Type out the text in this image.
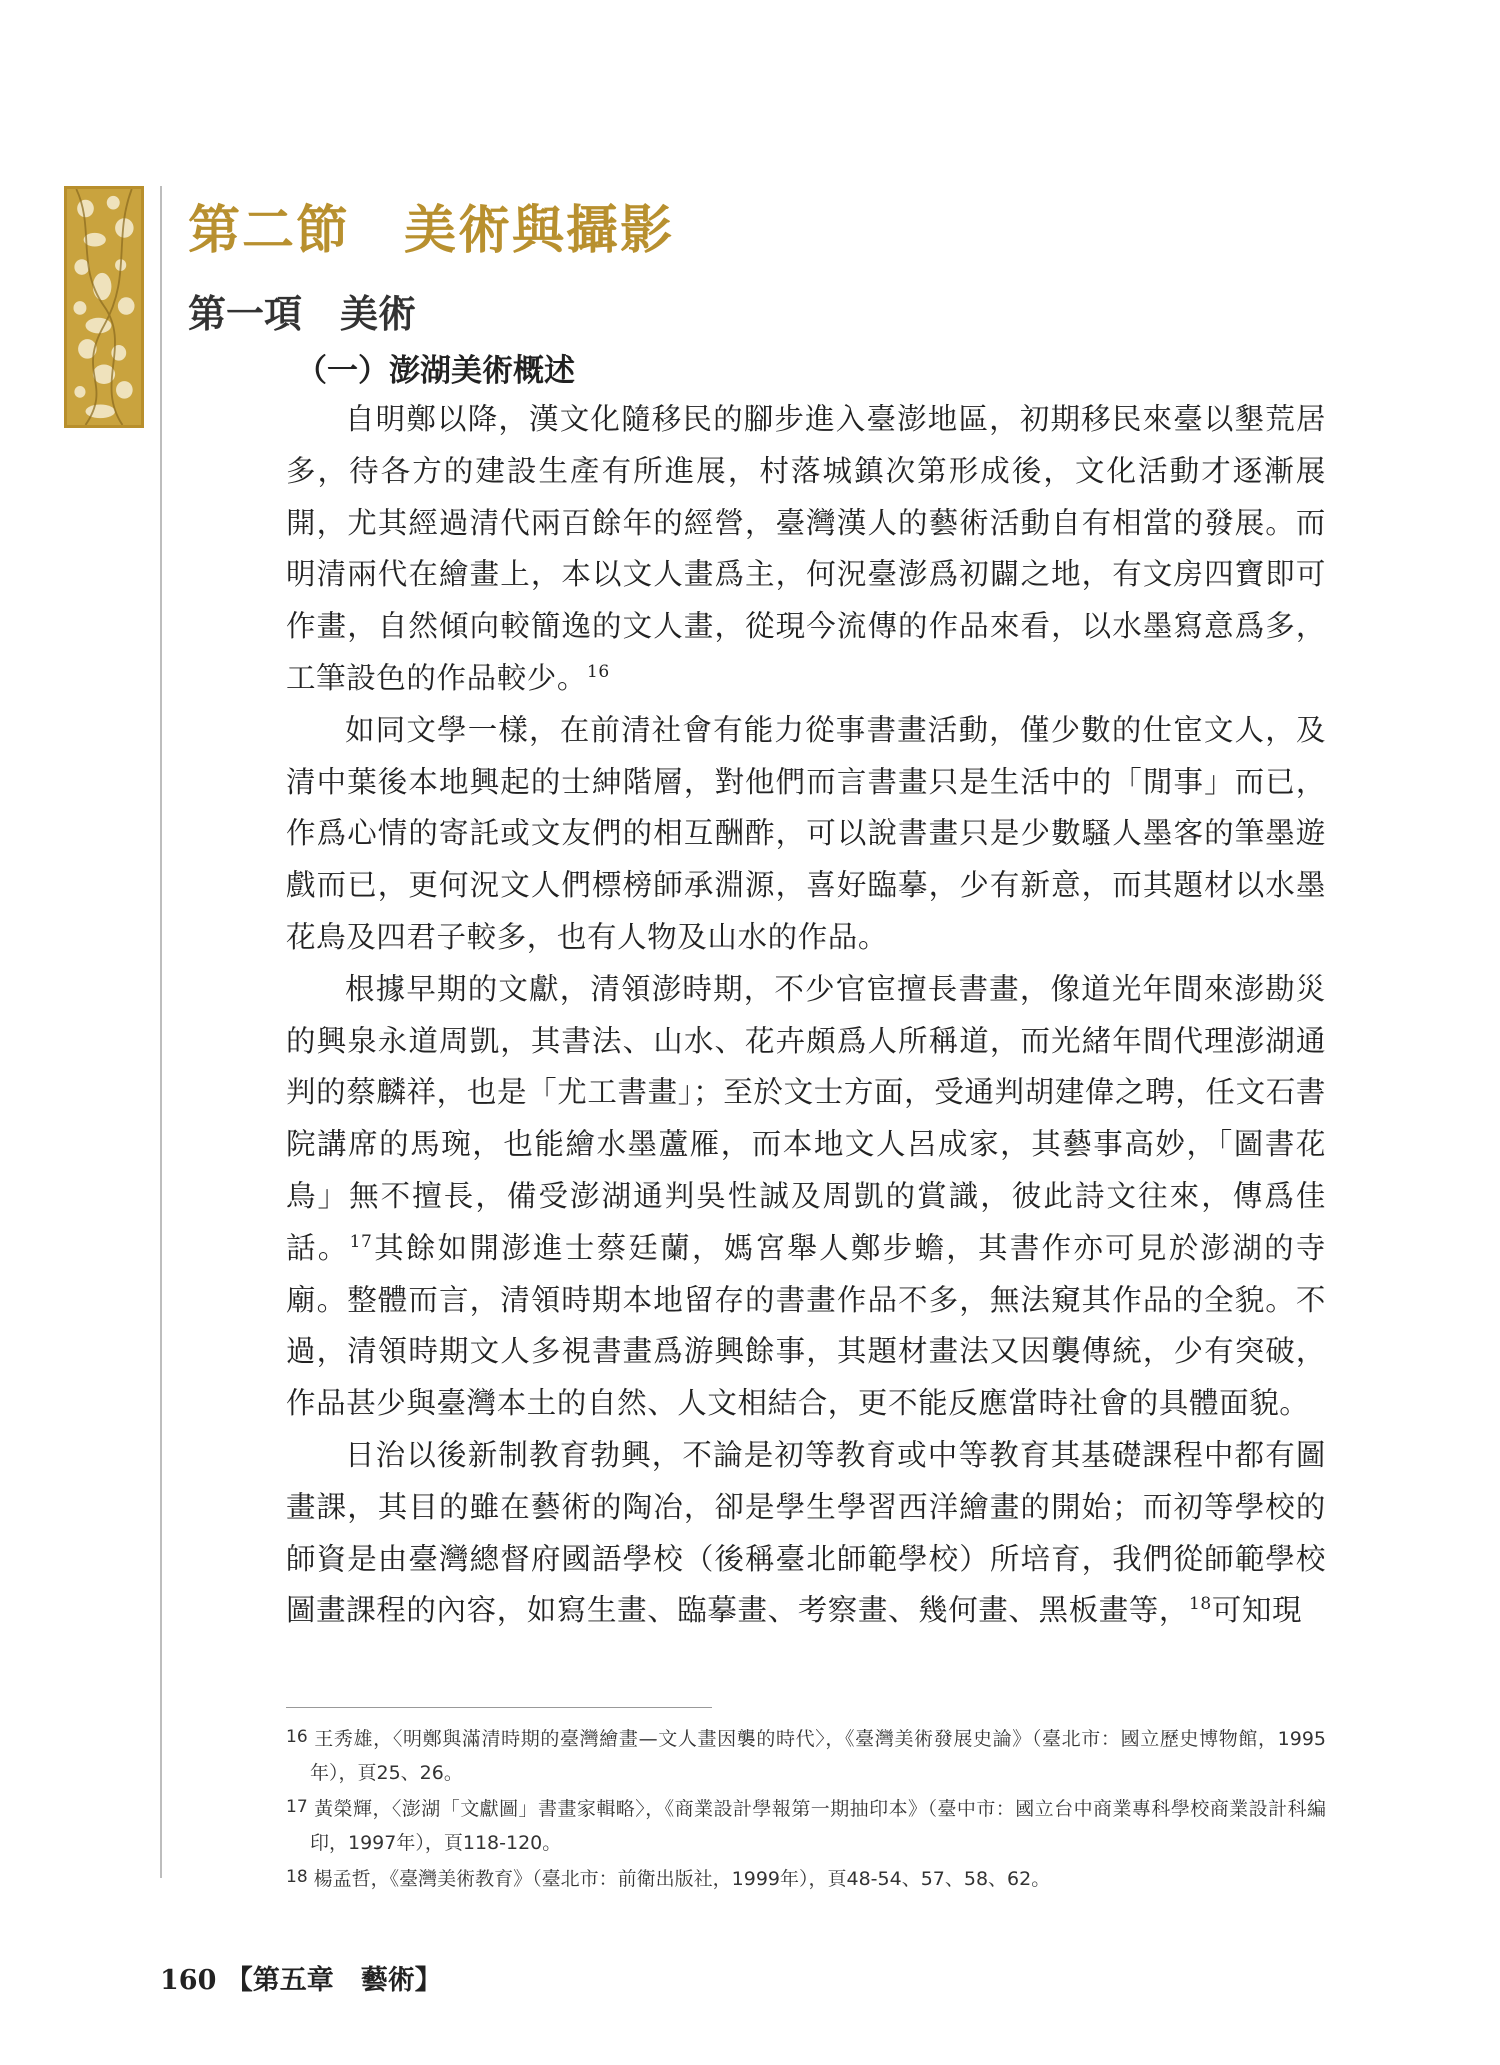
第二節　美術與攝影
第一項　美術
（一）澎湖美術概述

自明鄭以降，漢文化隨移民的腳步進入臺澎地區，初期移民來臺以墾荒居多，待各方的建設生產有所進展，村落城鎮次第形成後，文化活動才逐漸展開，尤其經過清代兩百餘年的經營，臺灣漢人的藝術活動自有相當的發展。而明清兩代在繪畫上，本以文人畫爲主，何況臺澎爲初闢之地，有文房四寶即可作畫，自然傾向較簡逸的文人畫，從現今流傳的作品來看，以水墨寫意爲多，工筆設色的作品較少。$^{16}$

如同文學一樣，在前清社會有能力從事書畫活動，僅少數的仕宦文人，及清中葉後本地興起的士紳階層，對他們而言書畫只是生活中的「閒事」而已，作爲心情的寄託或文友們的相互酬酢，可以說書畫只是少數騷人墨客的筆墨遊戲而已，更何況文人們標榜師承淵源，喜好臨摹，少有新意，而其題材以水墨花鳥及四君子較多，也有人物及山水的作品。

根據早期的文獻，清領澎時期，不少官宦擅長書畫，像道光年間來澎勘災的興泉永道周凱，其書法、山水、花卉頗爲人所稱道，而光緒年間代理澎湖通判的蔡麟祥，也是「尤工書畫」；至於文士方面，受通判胡建偉之聘，任文石書院講席的馬琬，也能繪水墨蘆雁，而本地文人呂成家，其藝事高妙，「圖書花鳥」無不擅長，備受澎湖通判吳性誠及周凱的賞識，彼此詩文往來，傳爲佳話。$^{17}$其餘如開澎進士蔡廷蘭，媽宮舉人鄭步蟾，其書作亦可見於澎湖的寺廟。整體而言，清領時期本地留存的書畫作品不多，無法窺其作品的全貌。不過，清領時期文人多視書畫爲游興餘事，其題材畫法又因襲傳統，少有突破，作品甚少與臺灣本土的自然、人文相結合，更不能反應當時社會的具體面貌。

日治以後新制教育勃興，不論是初等教育或中等教育其基礎課程中都有圖畫課，其目的雖在藝術的陶冶，卻是學生學習西洋繪畫的開始；而初等學校的師資是由臺灣總督府國語學校（後稱臺北師範學校）所培育，我們從師範學校圖畫課程的內容，如寫生畫、臨摹畫、考察畫、幾何畫、黑板畫等，$^{18}$可知現

16 王秀雄，〈明鄭與滿清時期的臺灣繪畫—文人畫因襲的時代〉，《臺灣美術發展史論》（臺北市：國立歷史博物館，1995年），頁25、26。
17 黃榮輝，〈澎湖「文獻圖」書畫家輯略〉，《商業設計學報第一期抽印本》（臺中市：國立台中商業專科學校商業設計科編印，1997年），頁118-120。
18 楊孟哲，《臺灣美術教育》（臺北市：前衛出版社，1999年），頁48-54、57、58、62。
160 【第五章　藝術】
